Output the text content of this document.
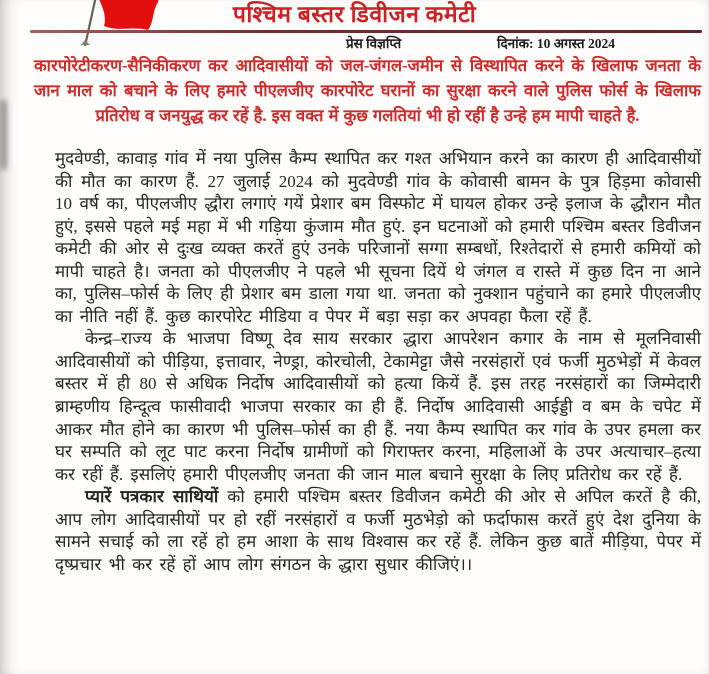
पश्चिम बस्तर डिवीजन कमेटी
प्रेस विज्ञप्ति	दिनांक: 10 अगस्त 2024
कारपोरेटीकरण-सैनिकीकरण कर आदिवासीयों को जल-जंगल-जमीन से विस्थापित करने के खिलाफ जनता के जान माल को बचाने के लिए हमारे पीएलजीए कारपोरेट घरानों का सुरक्षा करने वाले पुलिस फोर्स के खिलाफ प्रतिरोध व जनयुद्ध कर रहें है. इस वक्त में कुछ गलतियां भी हो रहीं है उन्हे हम मापी चाहते है.

मुदवेण्डी, कावाड़ गांव में नया पुलिस कैम्प स्थापित कर गश्त अभियान करने का कारण ही आदिवासीयों की मौत का कारण हैं. 27 जुलाई 2024 को मुदवेण्डी गांव के कोवासी बामन के पुत्र हिड़मा कोवासी 10 वर्ष का, पीएलजीए द्धौरा लगाएं गयें प्रेशार बम विस्फोट में घायल होकर उन्हे इलाज के द्धौरान मौत हुएं, इससे पहले मई महा में भी गड़िया कुंजाम मौत हुएं. इन घटनाओं को हमारी पश्चिम बस्तर डिवीजन कमेटी की ओर से दुःख व्यक्त करतें हुएं उनके परिजानों सग्गा सम्बधों, रिश्तेदारों से हमारी कमियों को मापी चाहते है। जनता को पीएलजीए ने पहले भी सूचना दियें थे जंगल व रास्ते में कुछ दिन ना आने का, पुलिस–फोर्स के लिए ही प्रेशार बम डाला गया था. जनता को नुक्शान पहुंचाने का हमारे पीएलजीए का नीति नहीं हैं. कुछ कारपोरेट मीडिया व पेपर में बड़ा सड़ा कर अपवहा फैला रहें हैं.

केन्द्र–राज्य के भाजपा विष्णू देव साय सरकार द्धारा आपरेशन कगार के नाम से मूलनिवासी आदिवासीयों को पीड़िया, इत्तावार, नेण्ड्रा, कोरचोली, टेकामेट्टा जैसे नरसंहारों एवं फर्जी मुठभेड़ों में केवल बस्तर में ही 80 से अधिक निर्दोष आदिवासीयों को हत्या कियें हैं. इस तरह नरसंहारों का जिम्मेदारी ब्राम्हणीय हिन्दूत्व फासीवादी भाजपा सरकार का ही हैं. निर्दोष आदिवासी आईड्डी व बम के चपेट में आकर मौत होने का कारण भी पुलिस–फोर्स का ही हैं. नया कैम्प स्थापित कर गांव के उपर हमला कर घर सम्पति को लूट पाट करना निर्दोष ग्रामीणों को गिराफ्तर करना, महिलाओं के उपर अत्याचार–हत्या कर रहीं हैं. इसलिएं हमारी पीएलजीए जनता की जान माल बचाने सुरक्षा के लिए प्रतिरोध कर रहें हैं.

प्यारें पत्रकार साथियों को हमारी पश्चिम बस्तर डिवीजन कमेटी की ओर से अपिल करतें है की, आप लोग आदिवासीयों पर हो रहीं नरसंहारों व फर्जी मुठभेड़ो को फर्दाफास करतें हुएं देश दुनिया के सामने सचाई को ला रहें हो हम आशा के साथ विश्वास कर रहें हैं. लेकिन कुछ बातें मीड़िया, पेपर में दृष्प्रचार भी कर रहें हों आप लोग संगठन के द्धारा सुधार कीजिएं।।
